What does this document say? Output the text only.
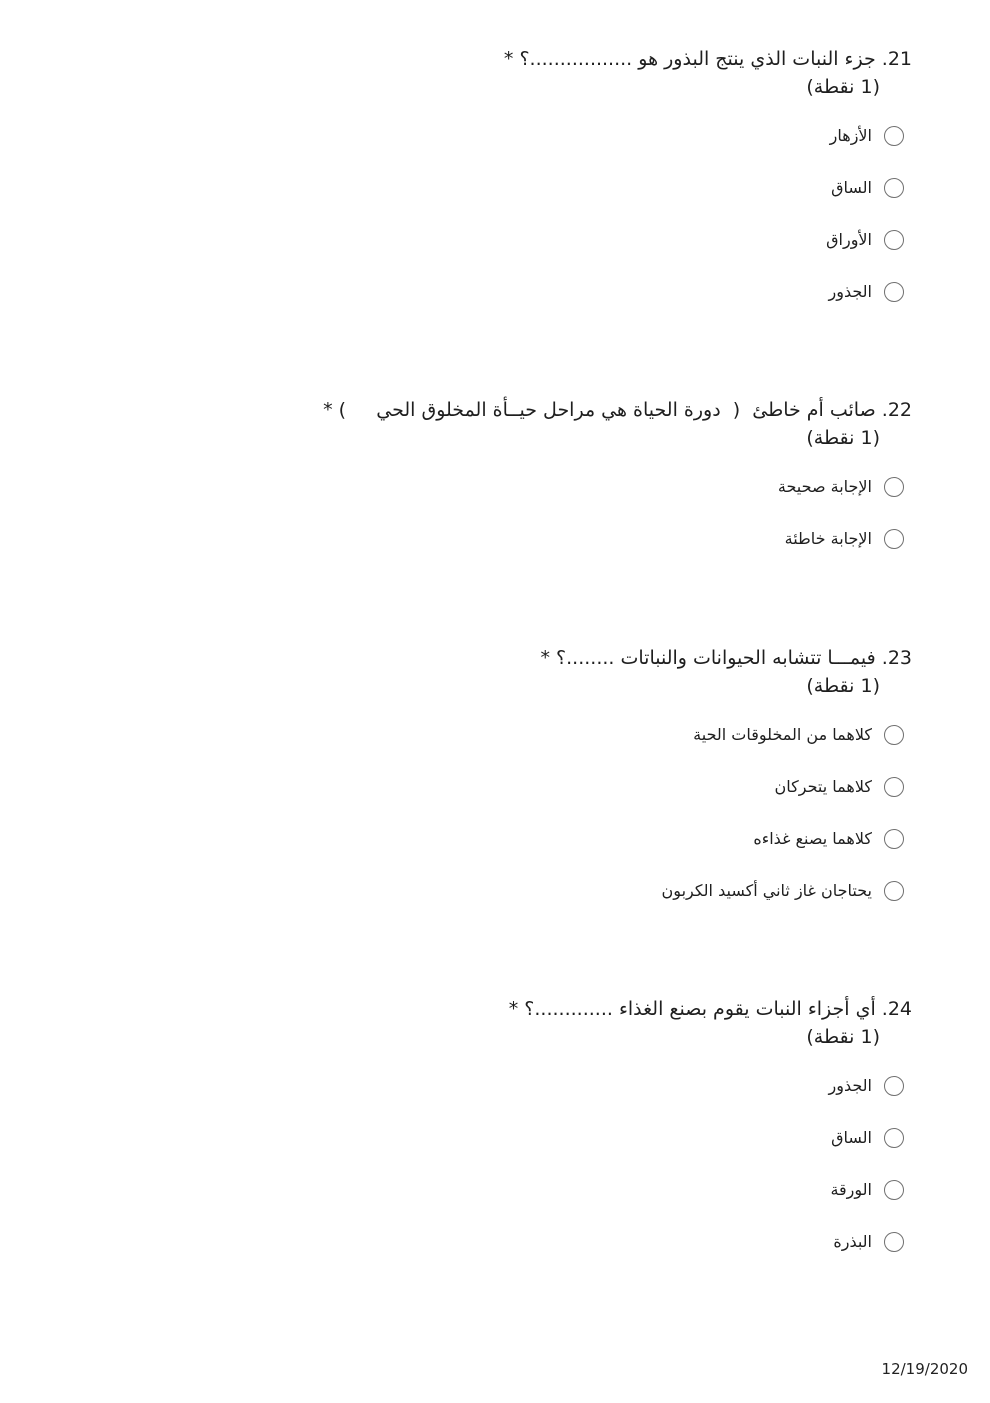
21. جزء النبات الذي ينتج البذور هو .................؟ *
(1 نقطة)
الأزهار
الساق
الأوراق
الجذور
22. صائب أم خاطئ  (  دورة الحياة هي مراحل حيــأة المخلوق الحي     ) *
(1 نقطة)
الإجابة صحيحة
الإجابة خاطئة
23. فيمـــا تتشابه الحيوانات والنباتات ........؟ *
(1 نقطة)
كلاهما من المخلوقات الحية
كلاهما يتحركان
كلاهما يصنع غذاءه
يحتاجان غاز ثاني أكسيد الكربون
24. أي أجزاء النبات يقوم بصنع الغذاء .............؟ *
(1 نقطة)
الجذور
الساق
الورقة
البذرة
12/19/2020
